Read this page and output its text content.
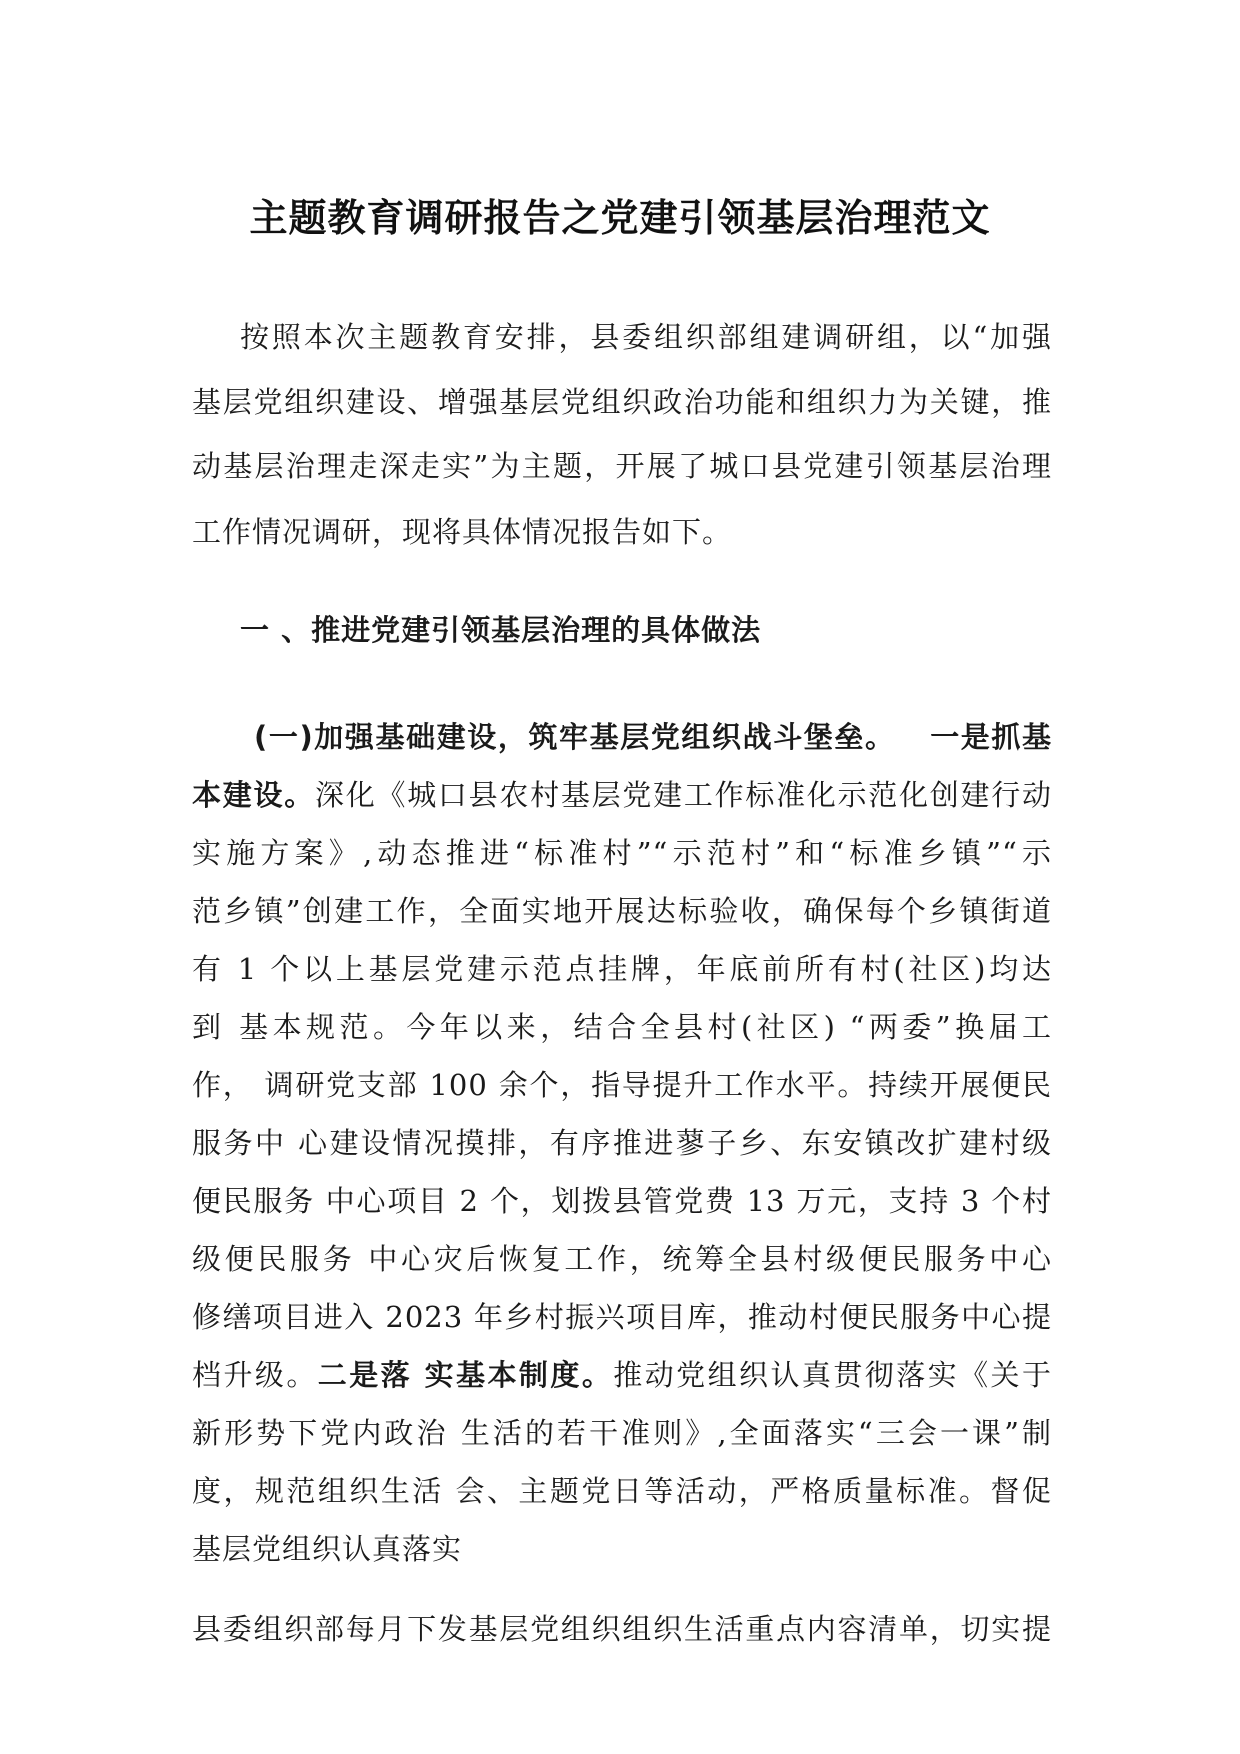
主题教育调研报告之党建引领基层治理范文
按照本次主题教育安排，县委组织部组建调研组，以“加强
基层党组织建设、增强基层党组织政治功能和组织力为关键，推
动基层治理走深走实”为主题，开展了城口县党建引领基层治理
工作情况调研，现将具体情况报告如下。
一 、推进党建引领基层治理的具体做法
(一)加强基础建设，筑牢基层党组织战斗堡垒。 一是抓基
本建设。深化《城口县农村基层党建工作标准化示范化创建行动
实施方案》,动态推进“标准村”“示范村”和“标准乡镇”“示
范乡镇”创建工作，全面实地开展达标验收，确保每个乡镇街道
有 1 个以上基层党建示范点挂牌，年底前所有村(社区)均达
到 基本规范。今年以来，结合全县村(社区) “两委”换届工
作， 调研党支部 100 余个，指导提升工作水平。持续开展便民
服务中 心建设情况摸排，有序推进蓼子乡、东安镇改扩建村级
便民服务 中心项目 2 个，划拨县管党费 13 万元，支持 3 个村
级便民服务 中心灾后恢复工作，统筹全县村级便民服务中心
修缮项目进入 2023 年乡村振兴项目库，推动村便民服务中心提
档升级。二是落 实基本制度。推动党组织认真贯彻落实《关于
新形势下党内政治 生活的若干准则》,全面落实“三会一课”制
度，规范组织生活 会、主题党日等活动，严格质量标准。督促
基层党组织认真落实
县委组织部每月下发基层党组织组织生活重点内容清单，切实提
